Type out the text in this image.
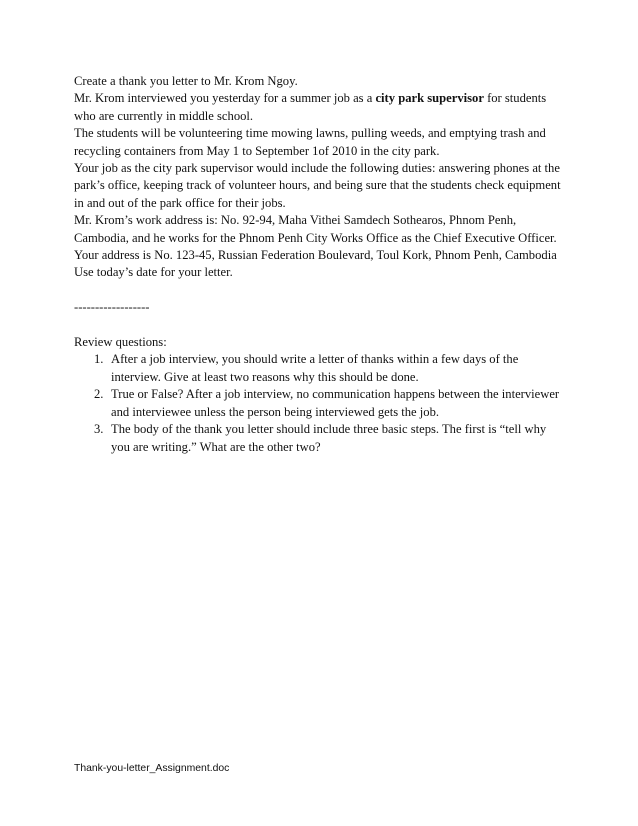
Create a thank you letter to Mr. Krom Ngoy.

Mr. Krom interviewed you yesterday for a summer job as a city park supervisor for students

who are currently in middle school.

The students will be volunteering time mowing lawns, pulling weeds, and emptying trash and

recycling containers from May 1 to September 1of 2010 in the city park.

Your job as the city park supervisor would include the following duties: answering phones at the

park’s office, keeping track of volunteer hours, and being sure that the students check equipment

in and out of the park office for their jobs.

Mr. Krom’s work address is: No. 92-94, Maha Vithei Samdech Sothearos, Phnom Penh,

Cambodia, and he works for the Phnom Penh City Works Office as the Chief Executive Officer.

Your address is No. 123-45, Russian Federation Boulevard, Toul Kork, Phnom Penh, Cambodia

Use today’s date for your letter.

------------------

Review questions:

1. After a job interview, you should write a letter of thanks within a few days of the
interview. Give at least two reasons why this should be done.
2. True or False? After a job interview, no communication happens between the interviewer
and interviewee unless the person being interviewed gets the job.
3. The body of the thank you letter should include three basic steps. The first is “tell why
you are writing.” What are the other two?
Thank-you-letter_Assignment.doc
